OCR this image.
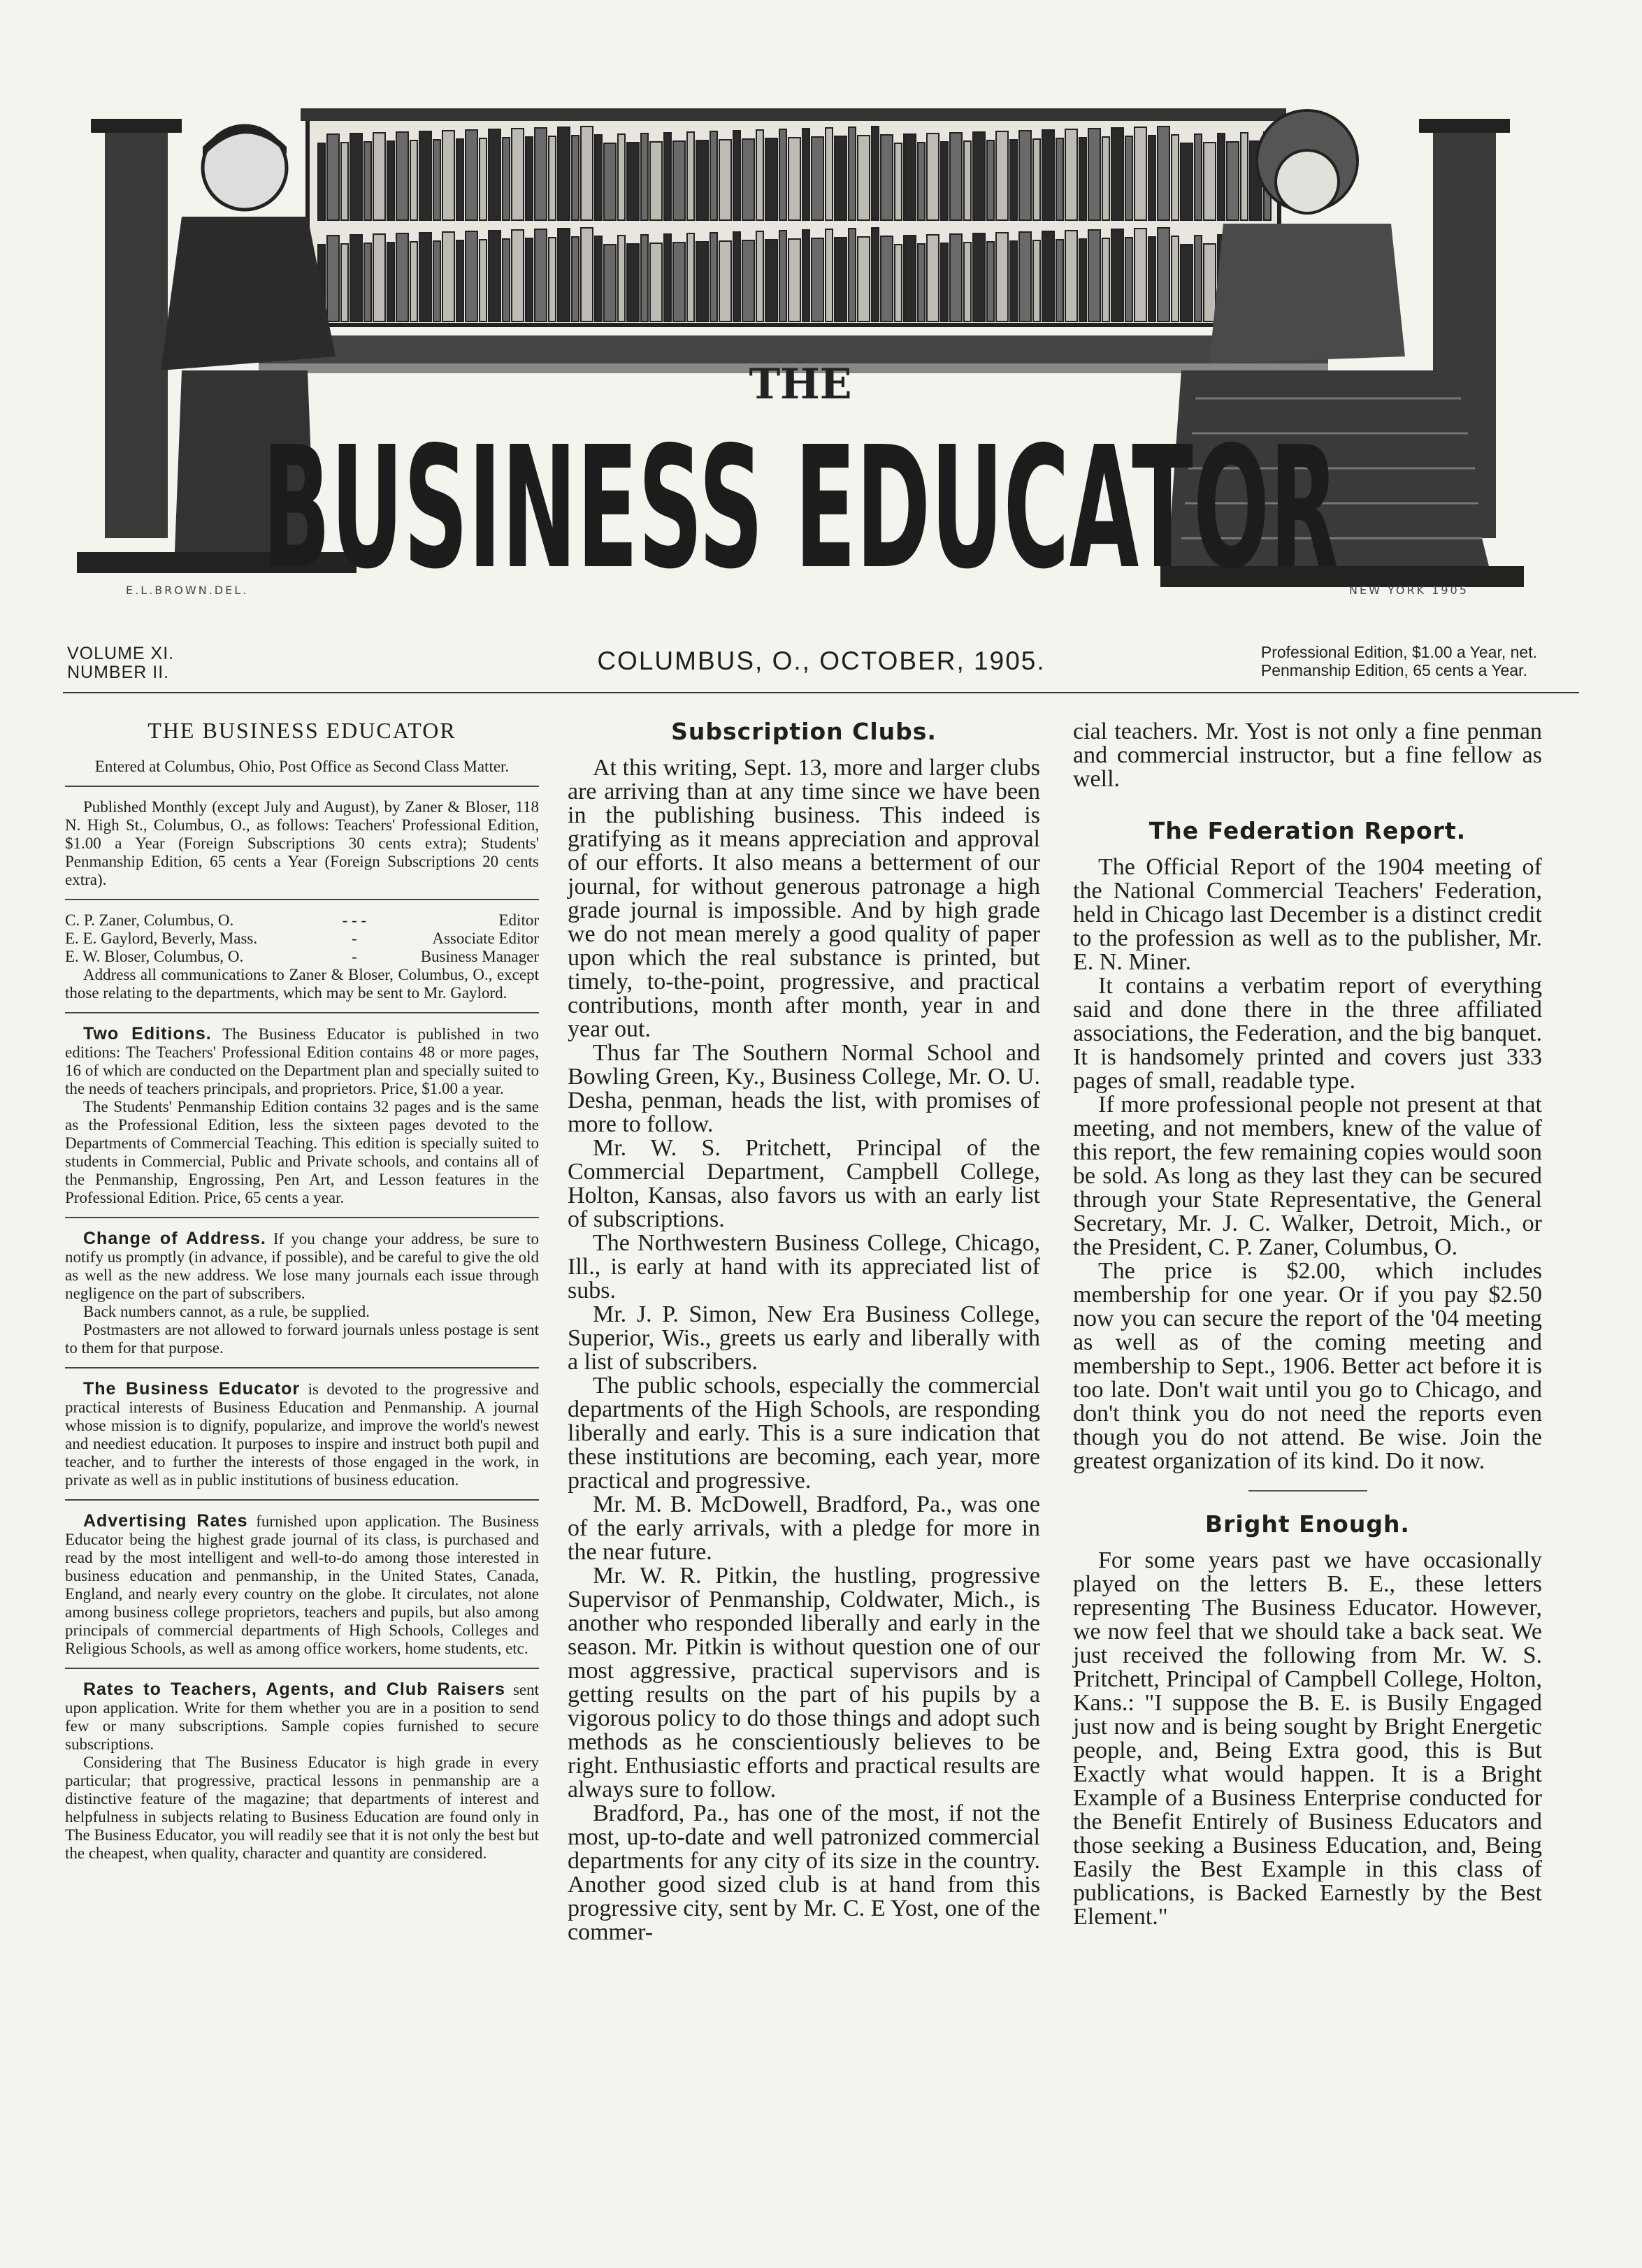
THE
BUSINESS EDUCATOR
E.L.BROWN.DEL.	NEW YORK 1905
VOLUME XI.
NUMBER II.	COLUMBUS, O., OCTOBER, 1905.	Professional Edition, $1.00 a Year, net.
Penmanship Edition, 65 cents a Year.
THE BUSINESS EDUCATOR

Entered at Columbus, Ohio, Post Office as Second Class Matter.

Published Monthly (except July and August), by Zaner & Bloser, 118 N. High St., Columbus, O., as follows: Teachers' Professional Edition, $1.00 a Year (Foreign Subscriptions 30 cents extra); Students' Penmanship Edition, 65 cents a Year (Foreign Subscriptions 20 cents extra).

C. P. Zaner, Columbus, O.	- - -	Editor
E. E. Gaylord, Beverly, Mass.	-	Associate Editor
E. W. Bloser, Columbus, O.	-	Business Manager

Address all communications to Zaner & Bloser, Columbus, O., except those relating to the departments, which may be sent to Mr. Gaylord.

Two Editions. The Business Educator is published in two editions: The Teachers' Professional Edition contains 48 or more pages, 16 of which are conducted on the Department plan and specially suited to the needs of teachers principals, and proprietors. Price, $1.00 a year.

The Students' Penmanship Edition contains 32 pages and is the same as the Professional Edition, less the sixteen pages devoted to the Departments of Commercial Teaching. This edition is specially suited to students in Commercial, Public and Private schools, and contains all of the Penmanship, Engrossing, Pen Art, and Lesson features in the Professional Edition. Price, 65 cents a year.

Change of Address. If you change your address, be sure to notify us promptly (in advance, if possible), and be careful to give the old as well as the new address. We lose many journals each issue through negligence on the part of subscribers.

Back numbers cannot, as a rule, be supplied.

Postmasters are not allowed to forward journals unless postage is sent to them for that purpose.

The Business Educator is devoted to the progressive and practical interests of Business Education and Penmanship. A journal whose mission is to dignify, popularize, and improve the world's newest and neediest education. It purposes to inspire and instruct both pupil and teacher, and to further the interests of those engaged in the work, in private as well as in public institutions of business education.

Advertising Rates furnished upon application. The Business Educator being the highest grade journal of its class, is purchased and read by the most intelligent and well-to-do among those interested in business education and penmanship, in the United States, Canada, England, and nearly every country on the globe. It circulates, not alone among business college proprietors, teachers and pupils, but also among principals of commercial departments of High Schools, Colleges and Religious Schools, as well as among office workers, home students, etc.

Rates to Teachers, Agents, and Club Raisers sent upon application. Write for them whether you are in a position to send few or many subscriptions. Sample copies furnished to secure subscriptions.

Considering that The Business Educator is high grade in every particular; that progressive, practical lessons in penmanship are a distinctive feature of the magazine; that departments of interest and helpfulness in subjects relating to Business Education are found only in The Business Educator, you will readily see that it is not only the best but the cheapest, when quality, character and quantity are considered.

Subscription Clubs.

At this writing, Sept. 13, more and larger clubs are arriving than at any time since we have been in the publishing business. This indeed is gratifying as it means appreciation and approval of our efforts. It also means a betterment of our journal, for without generous patronage a high grade journal is impossible. And by high grade we do not mean merely a good quality of paper upon which the real substance is printed, but timely, to-the-point, progressive, and practical contributions, month after month, year in and year out.

Thus far The Southern Normal School and Bowling Green, Ky., Business College, Mr. O. U. Desha, penman, heads the list, with promises of more to follow.

Mr. W. S. Pritchett, Principal of the Commercial Department, Campbell College, Holton, Kansas, also favors us with an early list of subscriptions.

The Northwestern Business College, Chicago, Ill., is early at hand with its appreciated list of subs.

Mr. J. P. Simon, New Era Business College, Superior, Wis., greets us early and liberally with a list of subscribers.

The public schools, especially the commercial departments of the High Schools, are responding liberally and early. This is a sure indication that these institutions are becoming, each year, more practical and progressive.

Mr. M. B. McDowell, Bradford, Pa., was one of the early arrivals, with a pledge for more in the near future.

Mr. W. R. Pitkin, the hustling, progressive Supervisor of Penmanship, Coldwater, Mich., is another who responded liberally and early in the season. Mr. Pitkin is without question one of our most aggressive, practical supervisors and is getting results on the part of his pupils by a vigorous policy to do those things and adopt such methods as he conscientiously believes to be right. Enthusiastic efforts and practical results are always sure to follow.

Bradford, Pa., has one of the most, if not the most, up-to-date and well patronized commercial departments for any city of its size in the country. Another good sized club is at hand from this progressive city, sent by Mr. C. E Yost, one of the commer-

cial teachers. Mr. Yost is not only a fine penman and commercial instructor, but a fine fellow as well.

The Federation Report.

The Official Report of the 1904 meeting of the National Commercial Teachers' Federation, held in Chicago last December is a distinct credit to the profession as well as to the publisher, Mr. E. N. Miner.

It contains a verbatim report of everything said and done there in the three affiliated associations, the Federation, and the big banquet. It is handsomely printed and covers just 333 pages of small, readable type.

If more professional people not present at that meeting, and not members, knew of the value of this report, the few remaining copies would soon be sold. As long as they last they can be secured through your State Representative, the General Secretary, Mr. J. C. Walker, Detroit, Mich., or the President, C. P. Zaner, Columbus, O.

The price is $2.00, which includes membership for one year. Or if you pay $2.50 now you can secure the report of the '04 meeting as well as of the coming meeting and membership to Sept., 1906. Better act before it is too late. Don't wait until you go to Chicago, and don't think you do not need the reports even though you do not attend. Be wise. Join the greatest organization of its kind. Do it now.

Bright Enough.

For some years past we have occasionally played on the letters B. E., these letters representing The Business Educator. However, we now feel that we should take a back seat. We just received the following from Mr. W. S. Pritchett, Principal of Campbell College, Holton, Kans.: "I suppose the B. E. is Busily Engaged just now and is being sought by Bright Energetic people, and, Being Extra good, this is But Exactly what would happen. It is a Bright Example of a Business Enterprise conducted for the Benefit Entirely of Business Educators and those seeking a Business Education, and, Being Easily the Best Example in this class of publications, is Backed Earnestly by the Best Element."
